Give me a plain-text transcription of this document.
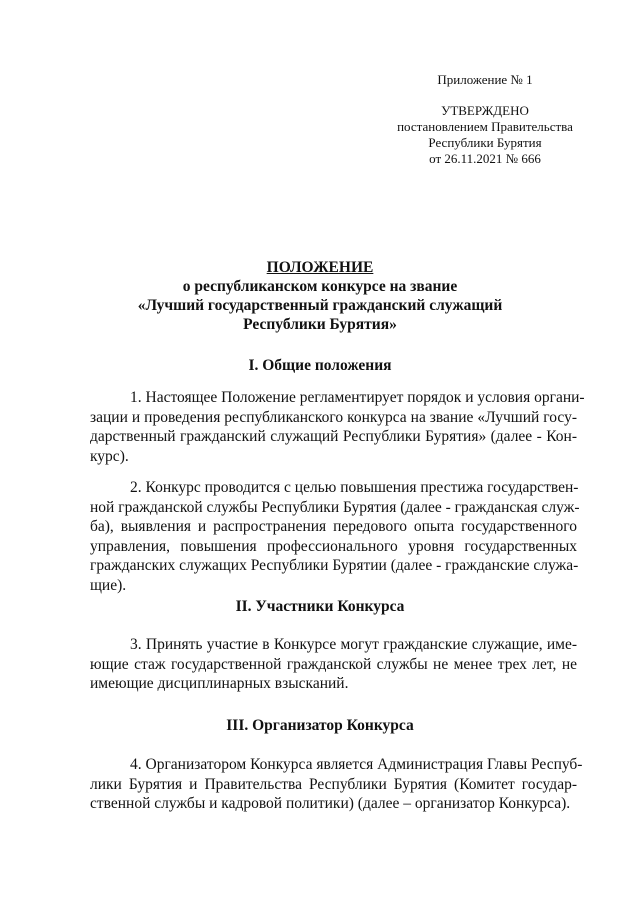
Приложение № 1
УТВЕРЖДЕНО
постановлением Правительства
Республики Бурятия
от 26.11.2021 № 666
ПОЛОЖЕНИЕ
о республиканском конкурсе на звание
«Лучший государственный гражданский служащий
Республики Бурятия»
I. Общие положения
1. Настоящее Положение регламентирует порядок и условия органи-
зации и проведения республиканского конкурса на звание «Лучший госу-
дарственный гражданский служащий Республики Бурятия» (далее - Кон-
курс).
2. Конкурс проводится с целью повышения престижа государствен-
ной гражданской службы Республики Бурятия (далее - гражданская служ-
ба), выявления и распространения передового опыта государственного
управления, повышения профессионального уровня государственных
гражданских служащих Республики Бурятии (далее - гражданские служа-
щие).
II. Участники Конкурса
3. Принять участие в Конкурсе могут гражданские служащие, име-
ющие стаж государственной гражданской службы не менее трех лет, не
имеющие дисциплинарных взысканий.
III. Организатор Конкурса
4. Организатором Конкурса является Администрация Главы Респуб-
лики Бурятия и Правительства Республики Бурятия (Комитет государ-
ственной службы и кадровой политики) (далее – организатор Конкурса).
